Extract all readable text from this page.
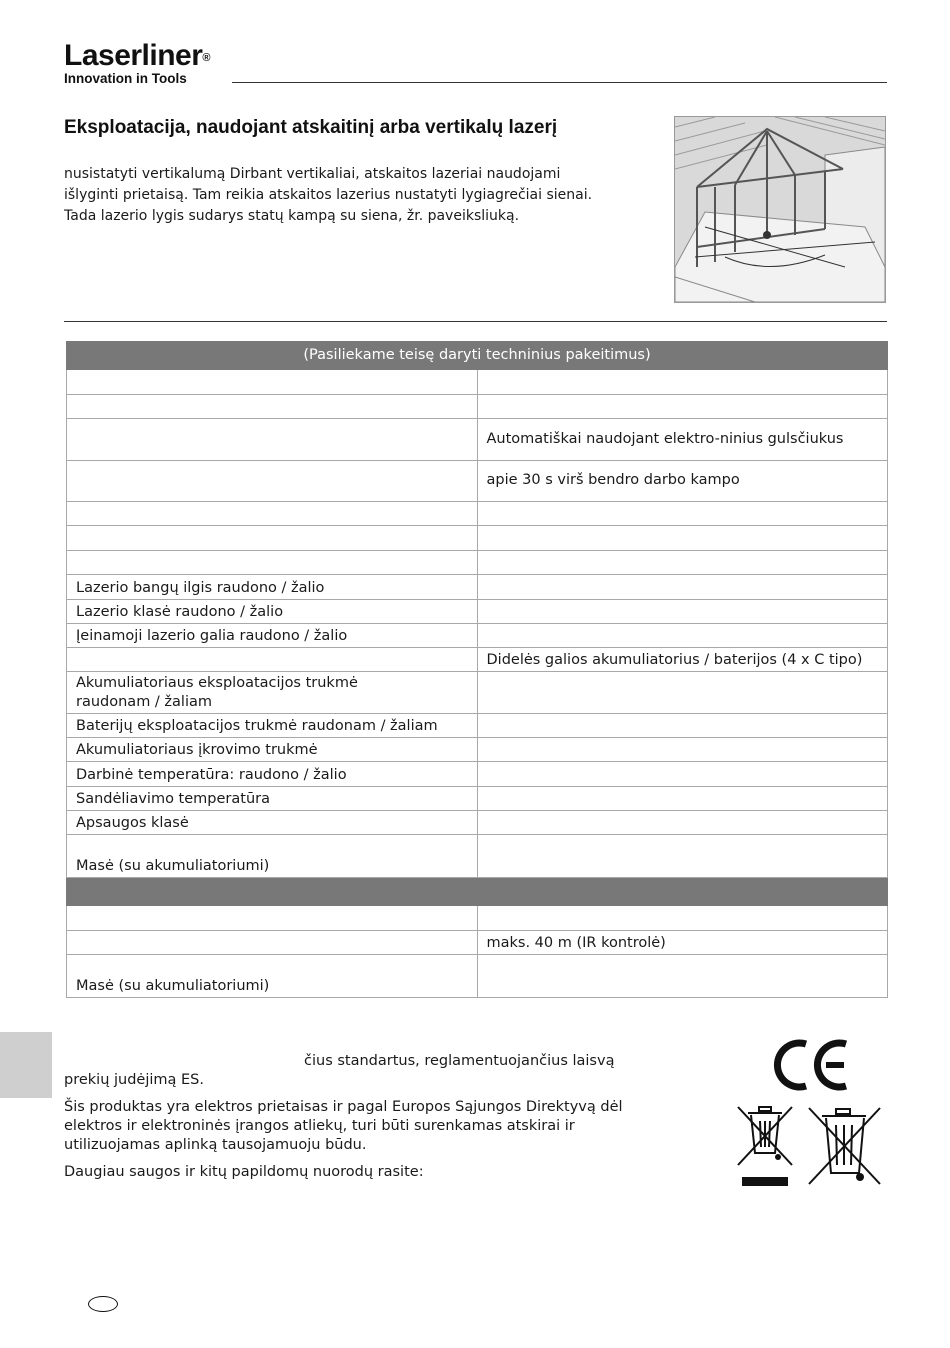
Laserliner®
Innovation in Tools
Eksploatacija, naudojant atskaitinį arba vertikalų lazerį

nusistatyti vertikalumą Dirbant vertikaliai, atskaitos lazeriai naudojami

išlyginti prietaisą. Tam reikia atskaitos lazerius nustatyti lygiagrečiai sienai.

Tada lazerio lygis sudarys statų kampą su siena, žr. paveiksliuką.

(Pasiliekame teisę daryti techninius pakeitimus)	

	Automatiškai naudojant elektro-ninius gulsčiukus
	apie 30 s virš bendro darbo kampo

Lazerio bangų ilgis raudono / žalio	
Lazerio klasė raudono / žalio	
Įeinamoji lazerio galia raudono / žalio	
	Didelės galios akumuliatorius / baterijos (4 x C tipo)
Akumuliatoriaus eksploatacijos trukmė
raudonam / žaliam	
Baterijų eksploatacijos trukmė raudonam / žaliam	
Akumuliatoriaus įkrovimo trukmė	
Darbinė temperatūra: raudono / žalio	
Sandėliavimo temperatūra	
Apsaugos klasė	
Masė (su akumuliatoriumi)	

	maks. 40 m (IR kontrolė)
Masė (su akumuliatoriumi)	

čius standartus, reglamentuojančius laisvą
prekių judėjimą ES.

Šis produktas yra elektros prietaisas ir pagal Europos Sąjungos Direktyvą dėl elektros ir elektroninės įrangos atliekų, turi būti surenkamas atskirai ir utilizuojamas aplinką tausojamuoju būdu.

Daugiau saugos ir kitų papildomų nuorodų rasite:
